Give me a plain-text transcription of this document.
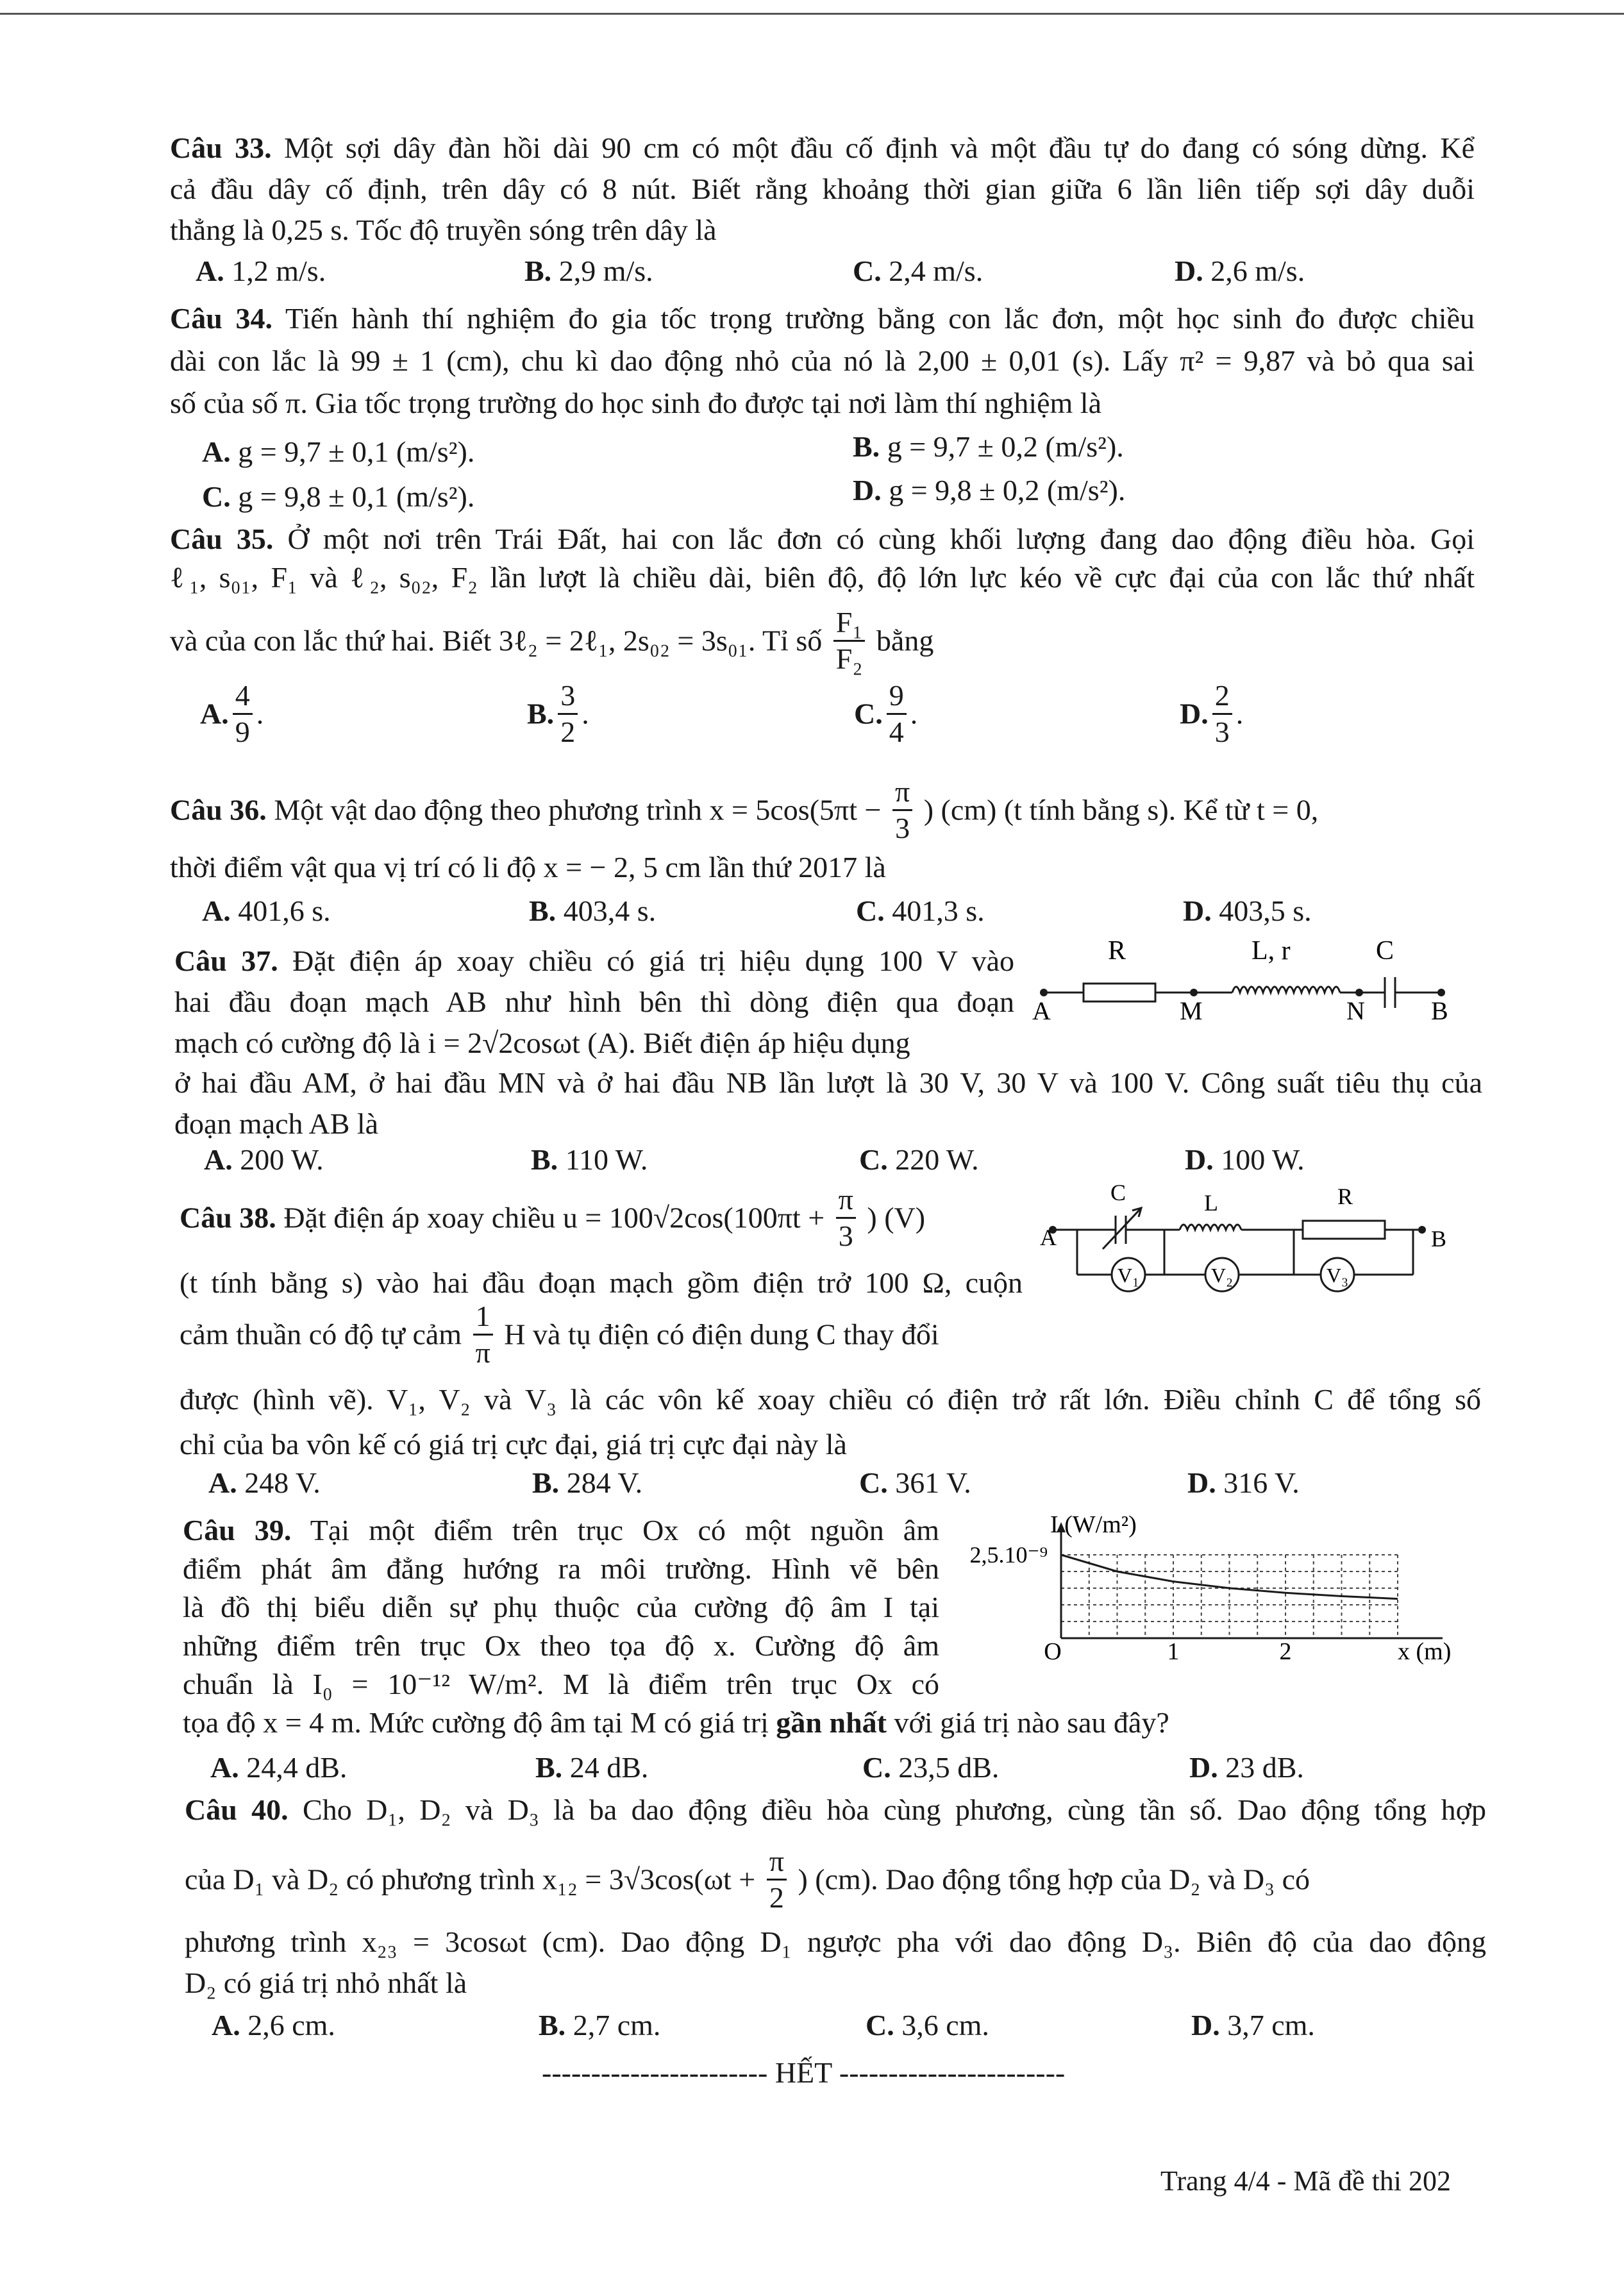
Câu 33. Một sợi dây đàn hồi dài 90 cm có một đầu cố định và một đầu tự do đang có sóng dừng. Kể
cả đầu dây cố định, trên dây có 8 nút. Biết rằng khoảng thời gian giữa 6 lần liên tiếp sợi dây duỗi
thẳng là 0,25 s. Tốc độ truyền sóng trên dây là
A. 1,2 m/s.	B. 2,9 m/s.	C. 2,4 m/s.	D. 2,6 m/s.
Câu 34. Tiến hành thí nghiệm đo gia tốc trọng trường bằng con lắc đơn, một học sinh đo được chiều
dài con lắc là 99 ± 1 (cm), chu kì dao động nhỏ của nó là 2,00 ± 0,01 (s). Lấy π² = 9,87 và bỏ qua sai
số của số π. Gia tốc trọng trường do học sinh đo được tại nơi làm thí nghiệm là
A. g = 9,7 ± 0,1 (m/s²).	B. g = 9,7 ± 0,2 (m/s²).
C. g = 9,8 ± 0,1 (m/s²).	D. g = 9,8 ± 0,2 (m/s²).
Câu 35. Ở một nơi trên Trái Đất, hai con lắc đơn có cùng khối lượng đang dao động điều hòa. Gọi
ℓ₁, s₀₁, F₁ và ℓ₂, s₀₂, F₂ lần lượt là chiều dài, biên độ, độ lớn lực kéo về cực đại của con lắc thứ nhất
và của con lắc thứ hai. Biết 3ℓ₂ = 2ℓ₁, 2s₀₂ = 3s₀₁. Tỉ số $\frac{\text{F₁}}{\text{F₂}}$ bằng
A. $\frac{4}{9}$ .	B. $\frac{3}{2}$ .	C. $\frac{9}{4}$ .	D. $\frac{2}{3}$ .
Câu 36. Một vật dao động theo phương trình $x = 5\cos(5\pi t - \frac{\pi}{3}$ ) (cm) (t tính bằng s). Kể từ t = 0,
thời điểm vật qua vị trí có li độ x = − 2, 5 cm lần thứ 2017 là
A. 401,6 s.	B. 403,4 s.	C. 401,3 s.	D. 403,5 s.
Câu 37. Đặt điện áp xoay chiều có giá trị hiệu dụng 100 V vào
hai đầu đoạn mạch AB như hình bên thì dòng điện qua đoạn
mạch có cường độ là i = 2√2cosωt (A). Biết điện áp hiệu dụng
ở hai đầu AM, ở hai đầu MN và ở hai đầu NB lần lượt là 30 V, 30 V và 100 V. Công suất tiêu thụ của
đoạn mạch AB là
R	L, r	C
A	M	N	B
A. 200 W.	B. 110 W.	C. 220 W.	D. 100 W.
Câu 38. Đặt điện áp xoay chiều $u = 100√2\cos(100\pi t + \frac{\pi}{3}$ ) (V)
(t tính bằng s) vào hai đầu đoạn mạch gồm điện trở 100 Ω, cuộn
cảm thuần có độ tự cảm $\frac{1}{\pi}$ H và tụ điện có điện dung C thay đổi
được (hình vẽ). V₁, V₂ và V₃ là các vôn kế xoay chiều có điện trở rất lớn. Điều chỉnh C để tổng số
chỉ của ba vôn kế có giá trị cực đại, giá trị cực đại này là
C	L	R
A	B
V₁	V₂	V₃
A. 248 V.	B. 284 V.	C. 361 V.	D. 316 V.
Câu 39. Tại một điểm trên trục Ox có một nguồn âm
điểm phát âm đẳng hướng ra môi trường. Hình vẽ bên
là đồ thị biểu diễn sự phụ thuộc của cường độ âm I tại
những điểm trên trục Ox theo tọa độ x. Cường độ âm
chuẩn là I₀ = 10⁻¹² W/m². M là điểm trên trục Ox có
tọa độ x = 4 m. Mức cường độ âm tại M có giá trị gần nhất với giá trị nào sau đây?
I (W/m²)
2,5.10⁻⁹
O	1	2	x (m)
A. 24,4 dB.	B. 24 dB.	C. 23,5 dB.	D. 23 dB.
Câu 40. Cho D₁, D₂ và D₃ là ba dao động điều hòa cùng phương, cùng tần số. Dao động tổng hợp
của D₁ và D₂ có phương trình $x_{12} = 3√3\cos(\omega t + \frac{\pi}{2}$ ) (cm). Dao động tổng hợp của D₂ và D₃ có
phương trình x₂₃ = 3cosωt (cm). Dao động D₁ ngược pha với dao động D₃. Biên độ của dao động
D₂ có giá trị nhỏ nhất là
A. 2,6 cm.	B. 2,7 cm.	C. 3,6 cm.	D. 3,7 cm.
----------------------- HẾT -----------------------
Trang 4/4 - Mã đề thi 202
